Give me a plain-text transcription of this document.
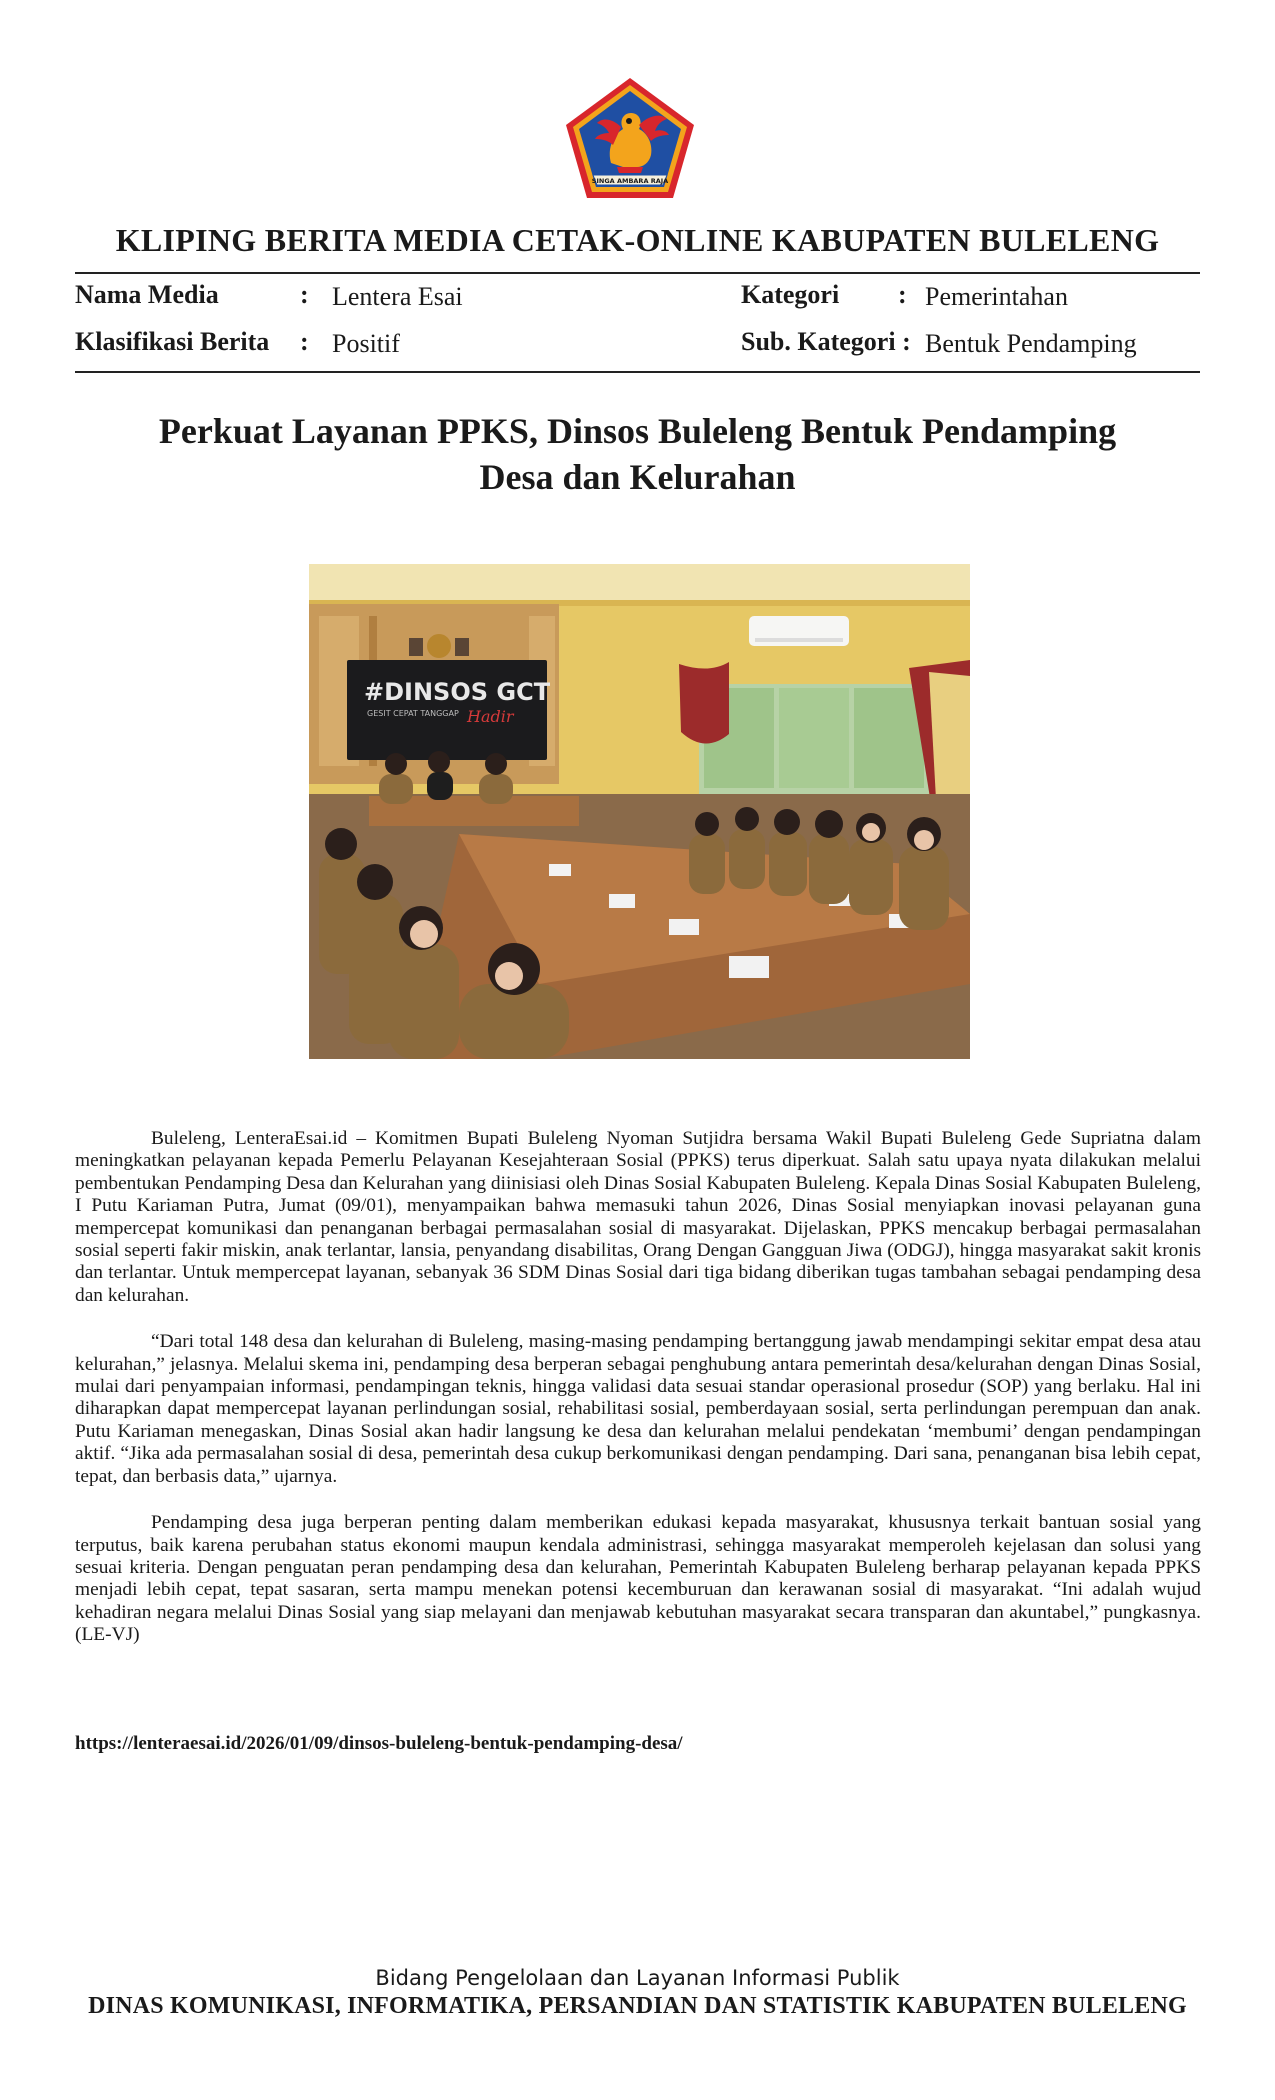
SINGA AMBARA RAJA
KLIPING BERITA MEDIA CETAK-ONLINE KABUPATEN BULELENG
Nama Media	: Lentera Esai
Klasifikasi Berita : Positif
Kategori : Pemerintahan
Sub. Kategori : Bentuk Pendamping
Perkuat Layanan PPKS, Dinsos Buleleng Bentuk Pendamping
Desa dan Kelurahan
#DINSOS GCT
GESIT CEPAT TANGGAP Hadir

Buleleng, LenteraEsai.id – Komitmen Bupati Buleleng Nyoman Sutjidra bersama Wakil Bupati Buleleng Gede Supriatna dalam meningkatkan pelayanan kepada Pemerlu Pelayanan Kesejahteraan Sosial (PPKS) terus diperkuat. Salah satu upaya nyata dilakukan melalui pembentukan Pendamping Desa dan Kelurahan yang diinisiasi oleh Dinas Sosial Kabupaten Buleleng. Kepala Dinas Sosial Kabupaten Buleleng, I Putu Kariaman Putra, Jumat (09/01), menyampaikan bahwa memasuki tahun 2026, Dinas Sosial menyiapkan inovasi pelayanan guna mempercepat komunikasi dan penanganan berbagai permasalahan sosial di masyarakat. Dijelaskan, PPKS mencakup berbagai permasalahan sosial seperti fakir miskin, anak terlantar, lansia, penyandang disabilitas, Orang Dengan Gangguan Jiwa (ODGJ), hingga masyarakat sakit kronis dan terlantar. Untuk mempercepat layanan, sebanyak 36 SDM Dinas Sosial dari tiga bidang diberikan tugas tambahan sebagai pendamping desa dan kelurahan.

“Dari total 148 desa dan kelurahan di Buleleng, masing-masing pendamping bertanggung jawab mendampingi sekitar empat desa atau kelurahan,” jelasnya. Melalui skema ini, pendamping desa berperan sebagai penghubung antara pemerintah desa/kelurahan dengan Dinas Sosial, mulai dari penyampaian informasi, pendampingan teknis, hingga validasi data sesuai standar operasional prosedur (SOP) yang berlaku. Hal ini diharapkan dapat mempercepat layanan perlindungan sosial, rehabilitasi sosial, pemberdayaan sosial, serta perlindungan perempuan dan anak. Putu Kariaman menegaskan, Dinas Sosial akan hadir langsung ke desa dan kelurahan melalui pendekatan ‘membumi’ dengan pendampingan aktif. “Jika ada permasalahan sosial di desa, pemerintah desa cukup berkomunikasi dengan pendamping. Dari sana, penanganan bisa lebih cepat, tepat, dan berbasis data,” ujarnya.

Pendamping desa juga berperan penting dalam memberikan edukasi kepada masyarakat, khususnya terkait bantuan sosial yang terputus, baik karena perubahan status ekonomi maupun kendala administrasi, sehingga masyarakat memperoleh kejelasan dan solusi yang sesuai kriteria. Dengan penguatan peran pendamping desa dan kelurahan, Pemerintah Kabupaten Buleleng berharap pelayanan kepada PPKS menjadi lebih cepat, tepat sasaran, serta mampu menekan potensi kecemburuan dan kerawanan sosial di masyarakat. “Ini adalah wujud kehadiran negara melalui Dinas Sosial yang siap melayani dan menjawab kebutuhan masyarakat secara transparan dan akuntabel,” pungkasnya. (LE-VJ)

https://lenteraesai.id/2026/01/09/dinsos-buleleng-bentuk-pendamping-desa/
Bidang Pengelolaan dan Layanan Informasi Publik
DINAS KOMUNIKASI, INFORMATIKA, PERSANDIAN DAN STATISTIK KABUPATEN BULELENG
